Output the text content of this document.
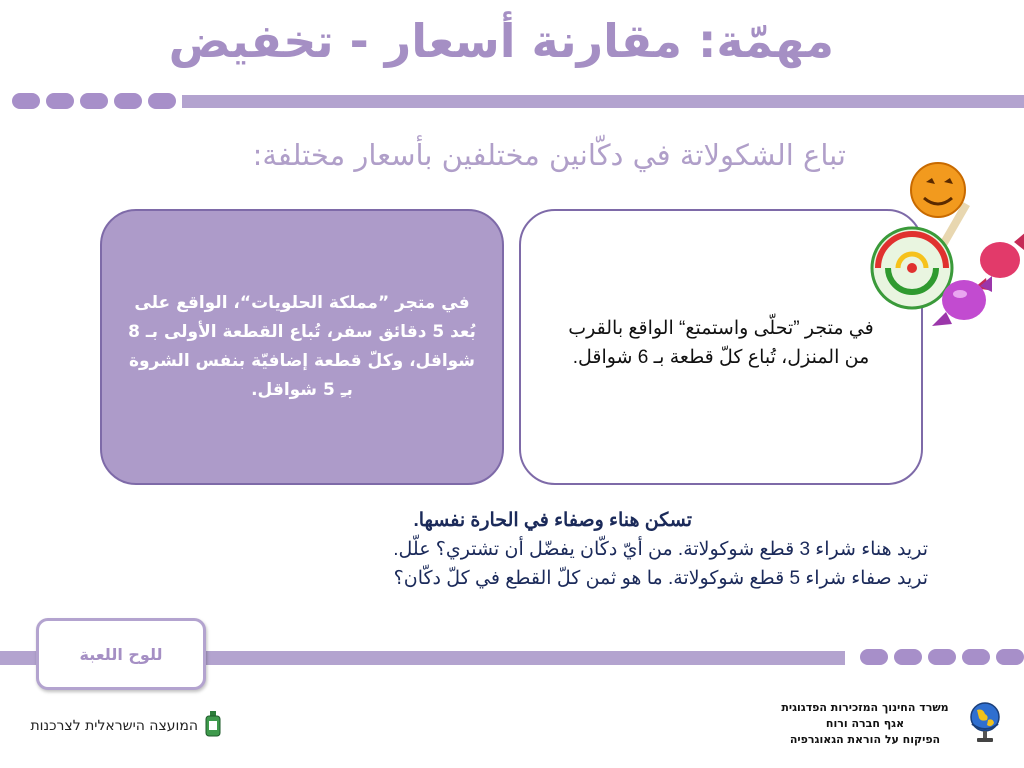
مهمّة: مقارنة أسعار - تخفيض
تباع الشكولاتة في دكّانين مختلفين بأسعار مختلفة:
في متجر ”مملكة الحلويات“، الواقع على بُعد 5 دقائق سفر، تُباع القطعة الأولى بـ 8 شواقل، وكلّ قطعة إضافيّة بنفس الشروة بـِ 5 شواقل.
في متجر ”تحلّى واستمتع“ الواقع بالقرب من المنزل، تُباع كلّ قطعة بـ 6 شواقل.
تسكن هناء وصفاء في الحارة نفسها.
تريد هناء شراء 3 قطع شوكولاتة. من أيّ دكّان يفضّل أن تشتري؟ علّل.
تريد صفاء شراء 5 قطع شوكولاتة. ما هو ثمن كلّ القطع في كلّ دكّان؟
للوح اللعبة
המועצה הישראלית לצרכנות
משרד החינוך המזכירות הפדגוגית
אגף חברה ורוח
הפיקוח על הוראת הגאוגרפיה
